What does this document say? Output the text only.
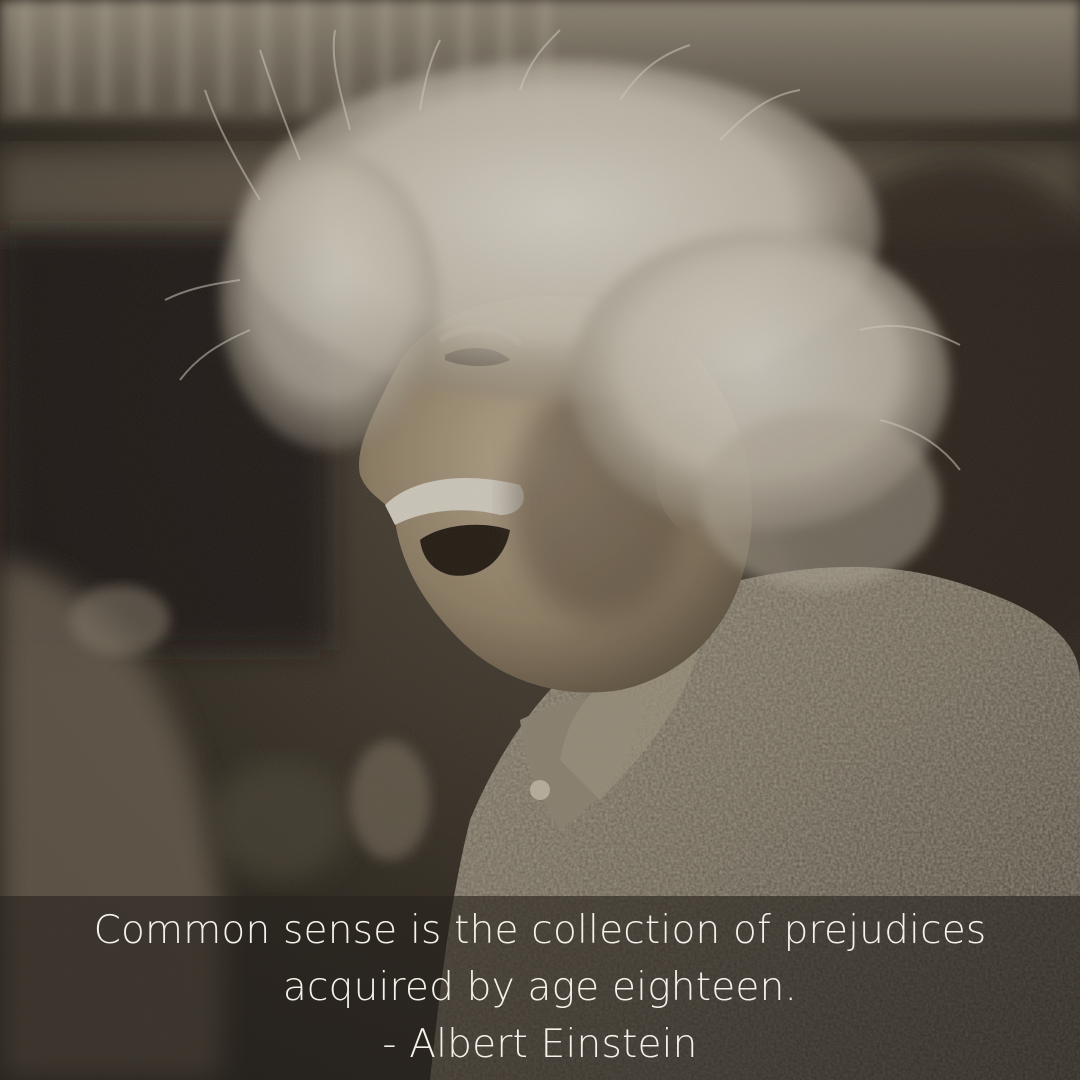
Common sense is the collection of prejudices
acquired by age eighteen.
- Albert Einstein
